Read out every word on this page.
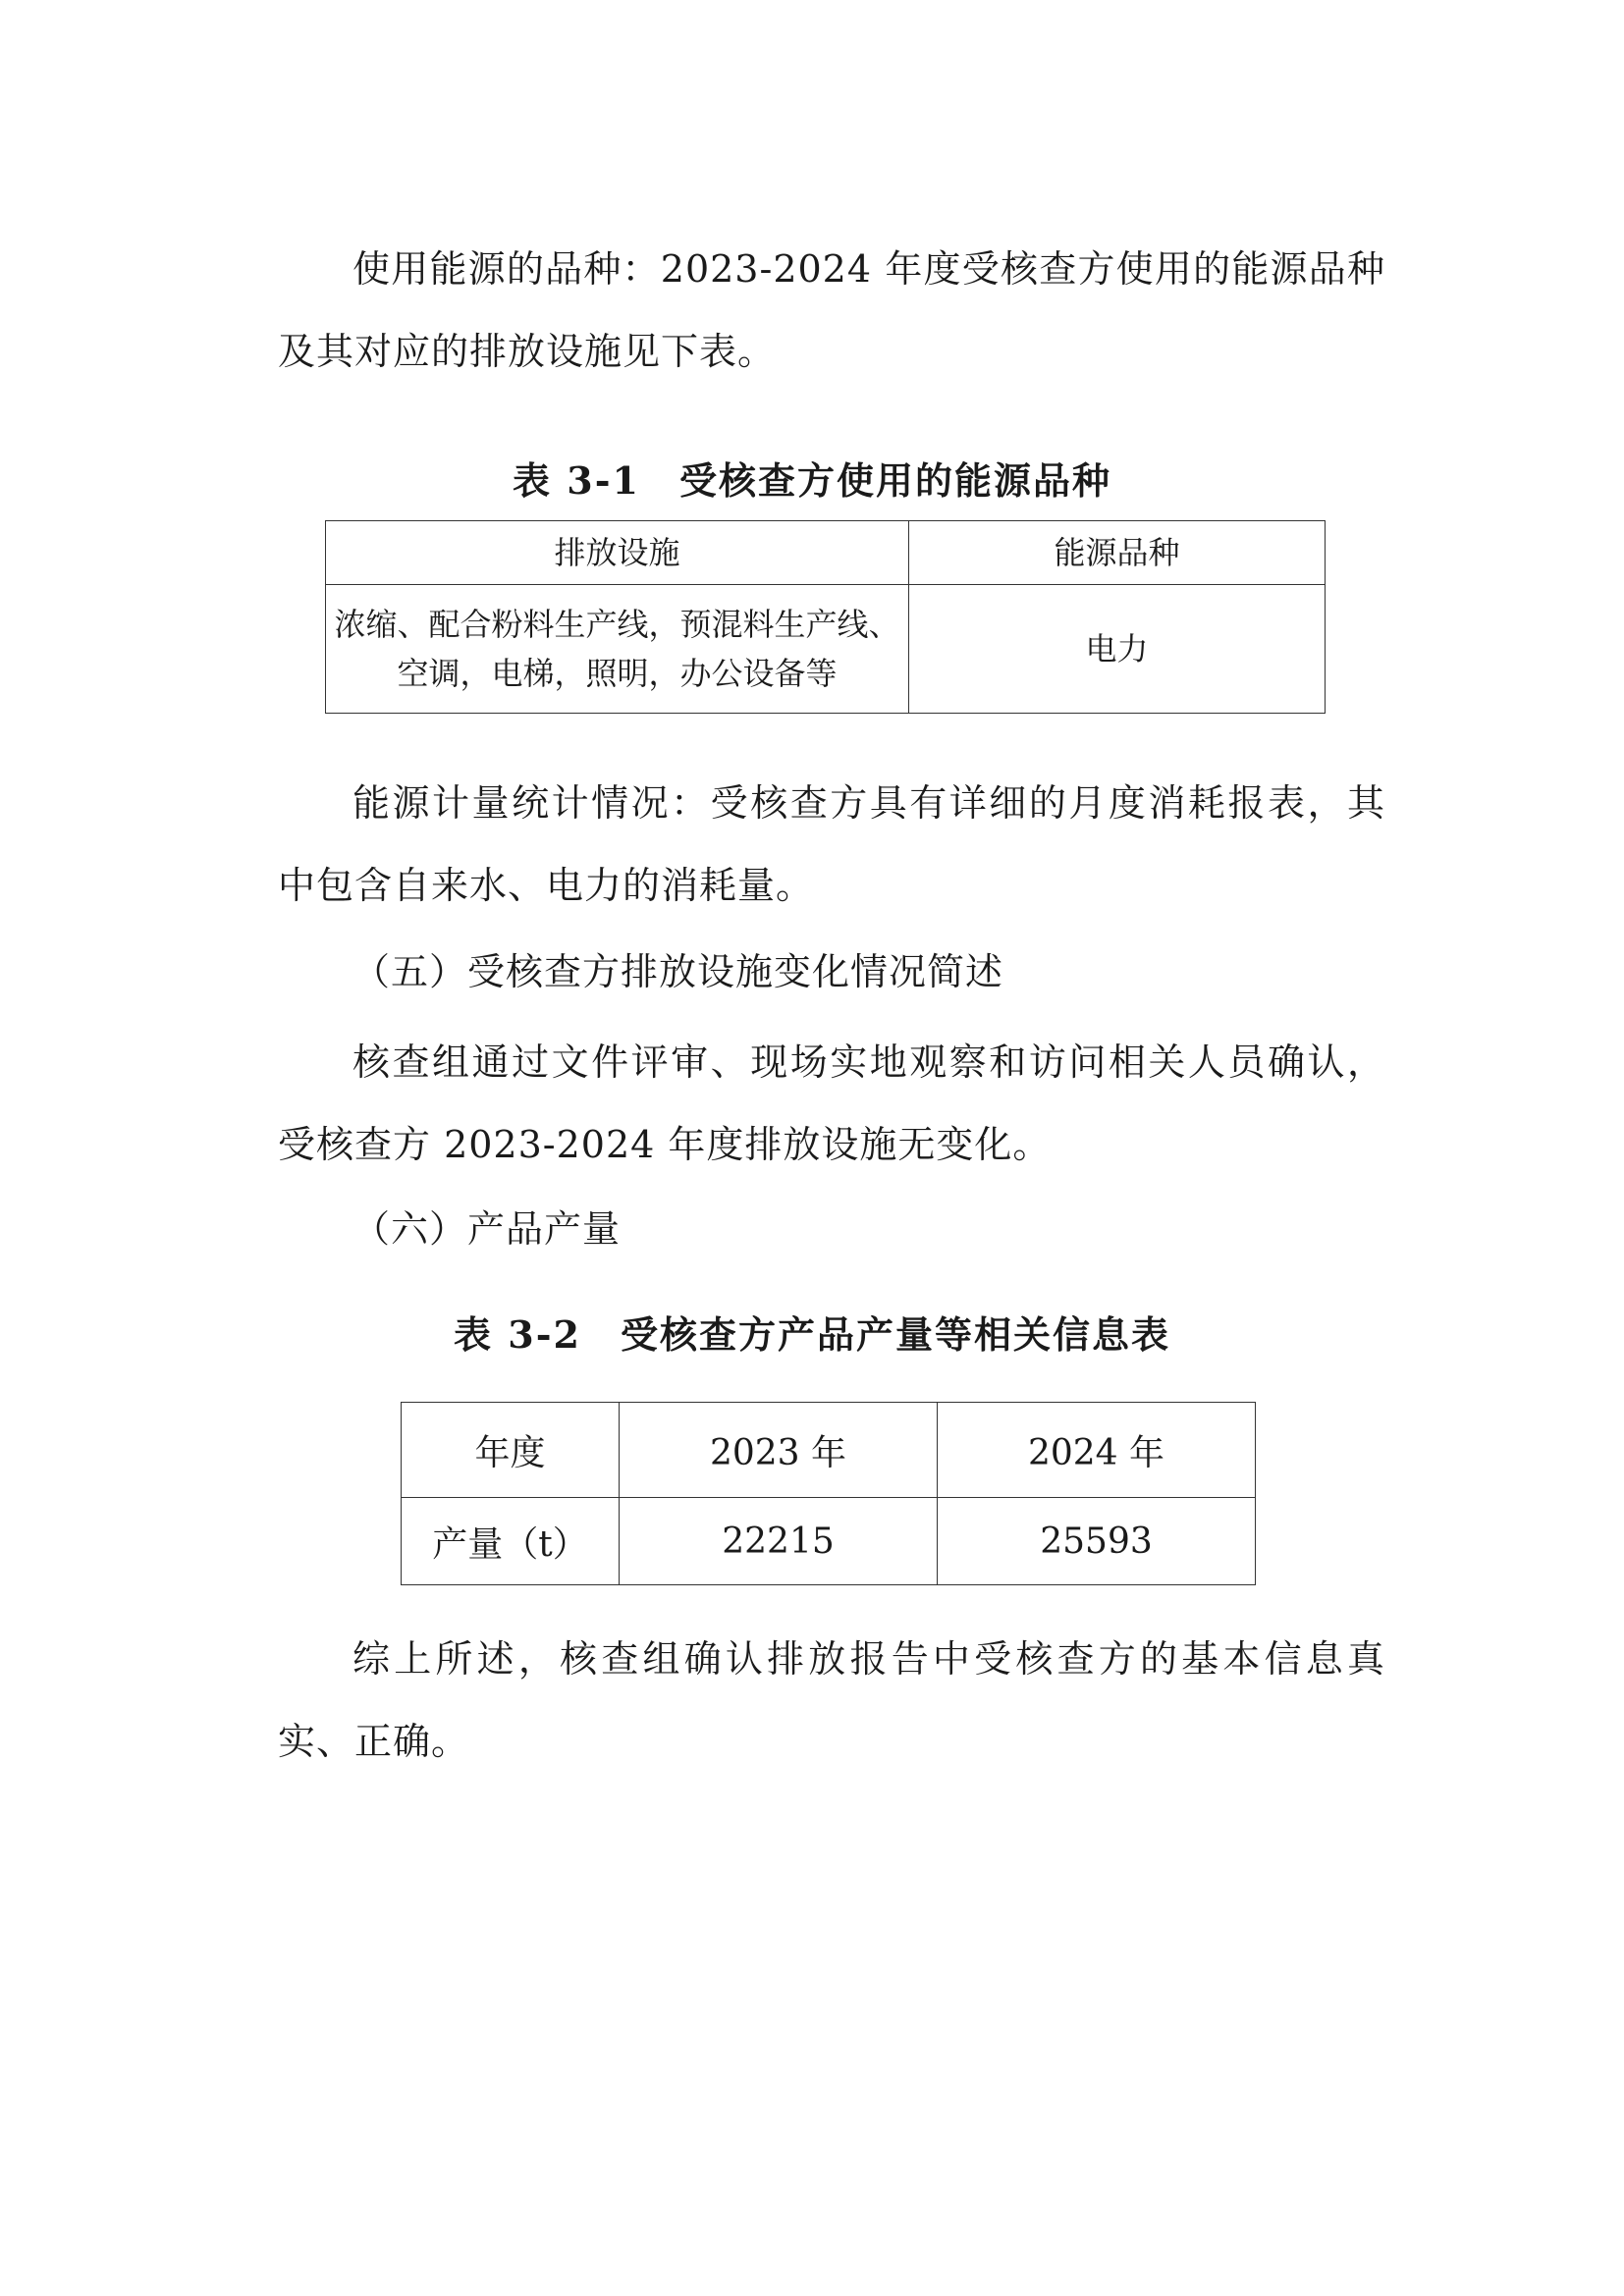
使用能源的品种：2023-2024 年度受核查方使用的能源品种及其对应的排放设施见下表。

表 3-1 受核查方使用的能源品种
排放设施	能源品种

浓缩、配合粉料生产线，预混料生产线、
空调，电梯，照明，办公设备等	电力

能源计量统计情况：受核查方具有详细的月度消耗报表，其中包含自来水、电力的消耗量。

（五）受核查方排放设施变化情况简述

核查组通过文件评审、现场实地观察和访问相关人员确认，受核查方 2023-2024 年度排放设施无变化。

（六）产品产量

表 3-2 受核查方产品产量等相关信息表
年度	2023 年	2024 年
产量（t）	22215	25593

综上所述，核查组确认排放报告中受核查方的基本信息真实、正确。
